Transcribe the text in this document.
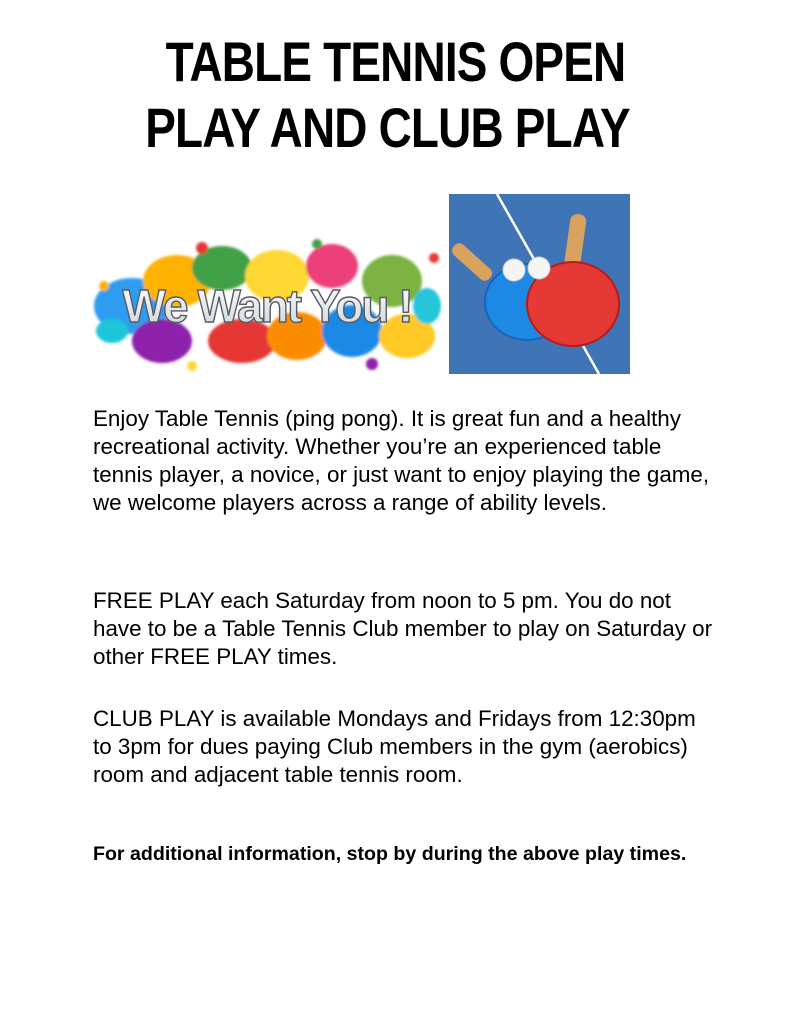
TABLE TENNIS OPEN
PLAY AND CLUB PLAY
We Want You !
Enjoy Table Tennis (ping pong). It is great fun and a healthy recreational activity. Whether you’re an experienced table tennis player, a novice, or just want to enjoy playing the game, we welcome players across a range of ability levels.
FREE PLAY each Saturday from noon to 5 pm. You do not have to be a Table Tennis Club member to play on Saturday or other FREE PLAY times.
CLUB PLAY is available Mondays and Fridays from 12:30pm to 3pm for dues paying Club members in the gym (aerobics) room and adjacent table tennis room.
For additional information, stop by during the above play times.
